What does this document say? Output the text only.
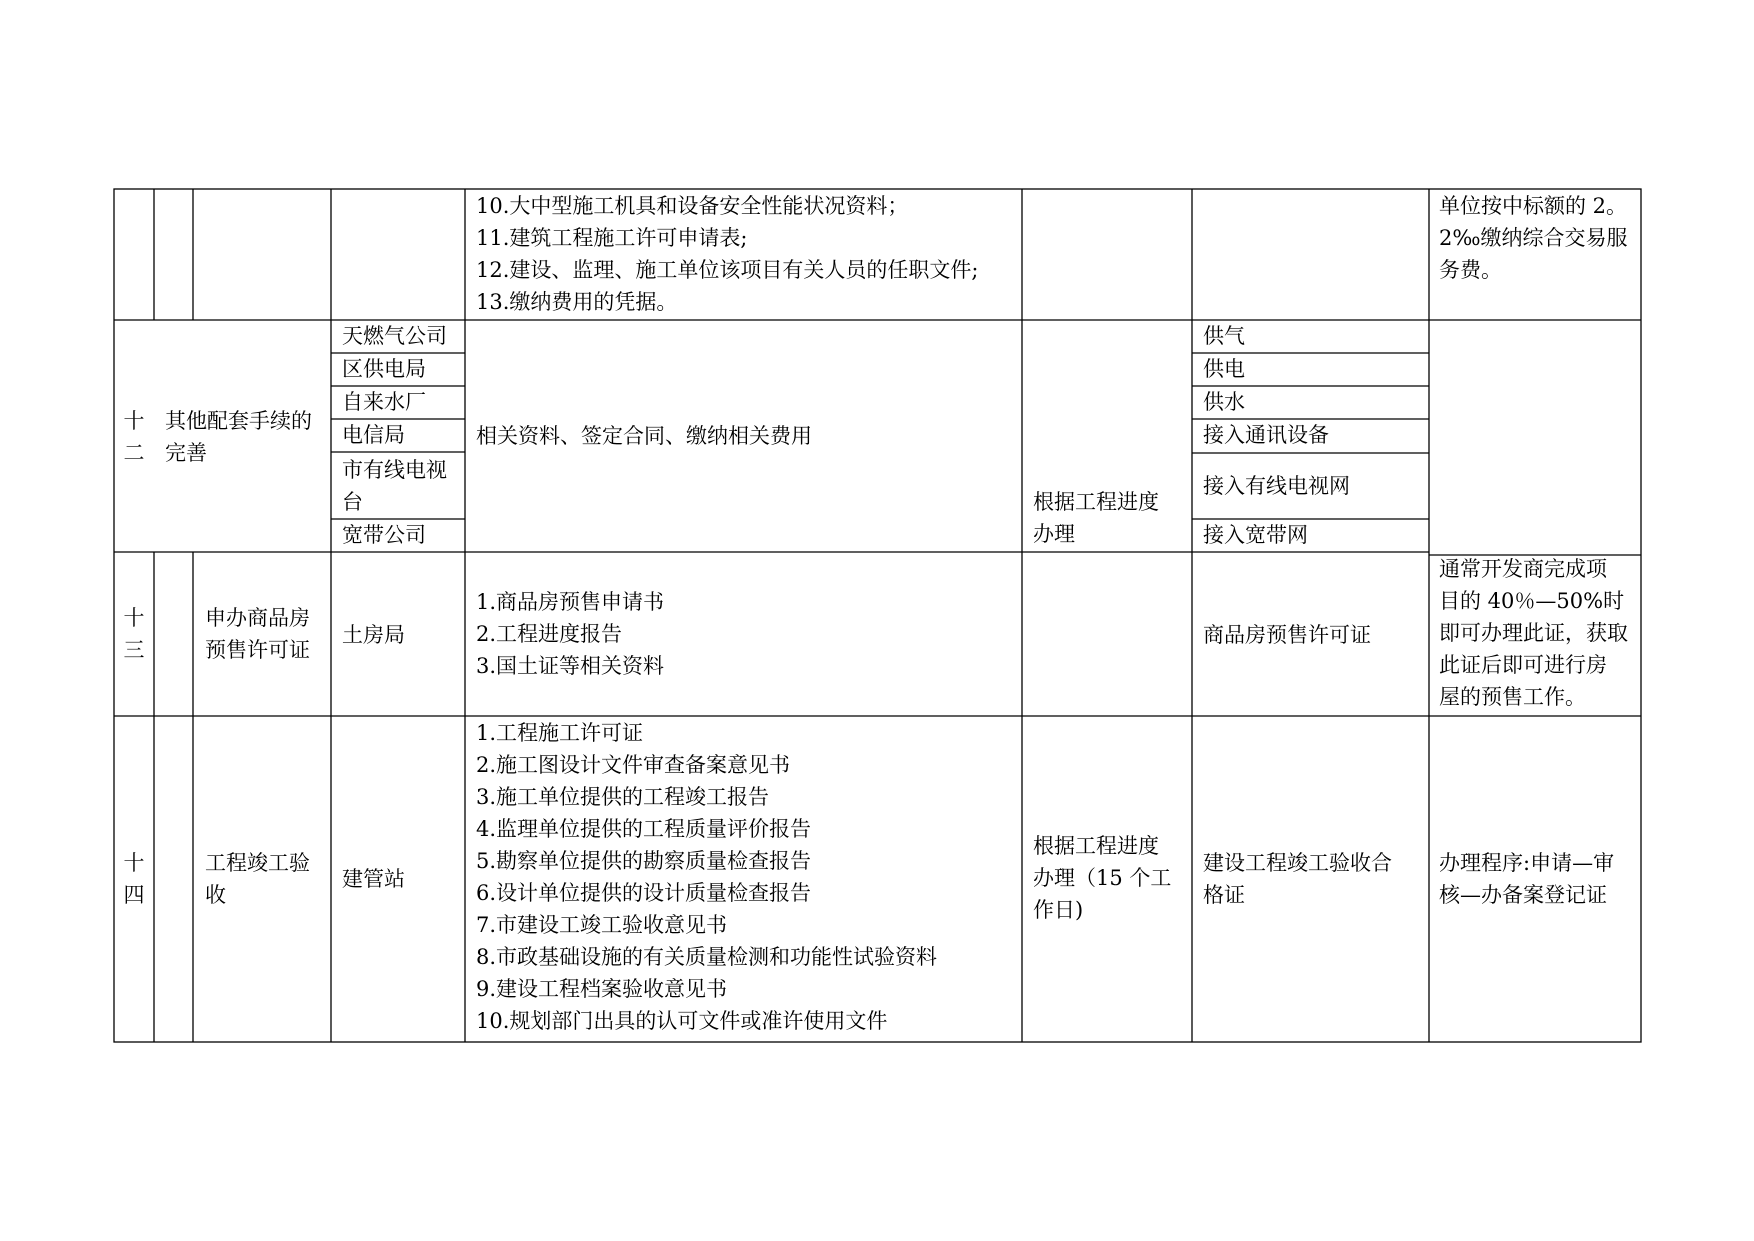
10.大中型施工机具和设备安全性能状况资料；
11.建筑工程施工许可申请表;
12.建设、监理、施工单位该项目有关人员的任职文件;
13.缴纳费用的凭据。
单位按中标额的 2。
2‰缴纳综合交易服
务费。
十
二
其他配套手续的
完善
天燃气公司
区供电局
自来水厂
电信局
市有线电视
台
宽带公司
相关资料、签定合同、缴纳相关费用
供气
供电
供水
接入通讯设备
接入有线电视网
接入宽带网
根据工程进度
办理
十
三
申办商品房
预售许可证
土房局
1.商品房预售申请书
2.工程进度报告
3.国土证等相关资料
商品房预售许可证
通常开发商完成项
目的 40％—50%时
即可办理此证，获取
此证后即可进行房
屋的预售工作。
十
四
工程竣工验
收
建管站
1.工程施工许可证
2.施工图设计文件审查备案意见书
3.施工单位提供的工程竣工报告
4.监理单位提供的工程质量评价报告
5.勘察单位提供的勘察质量检查报告
6.设计单位提供的设计质量检查报告
7.市建设工竣工验收意见书
8.市政基础设施的有关质量检测和功能性试验资料
9.建设工程档案验收意见书
10.规划部门出具的认可文件或准许使用文件
根据工程进度
办理（15 个工
作日)
建设工程竣工验收合
格证
办理程序:申请—审
核—办备案登记证
